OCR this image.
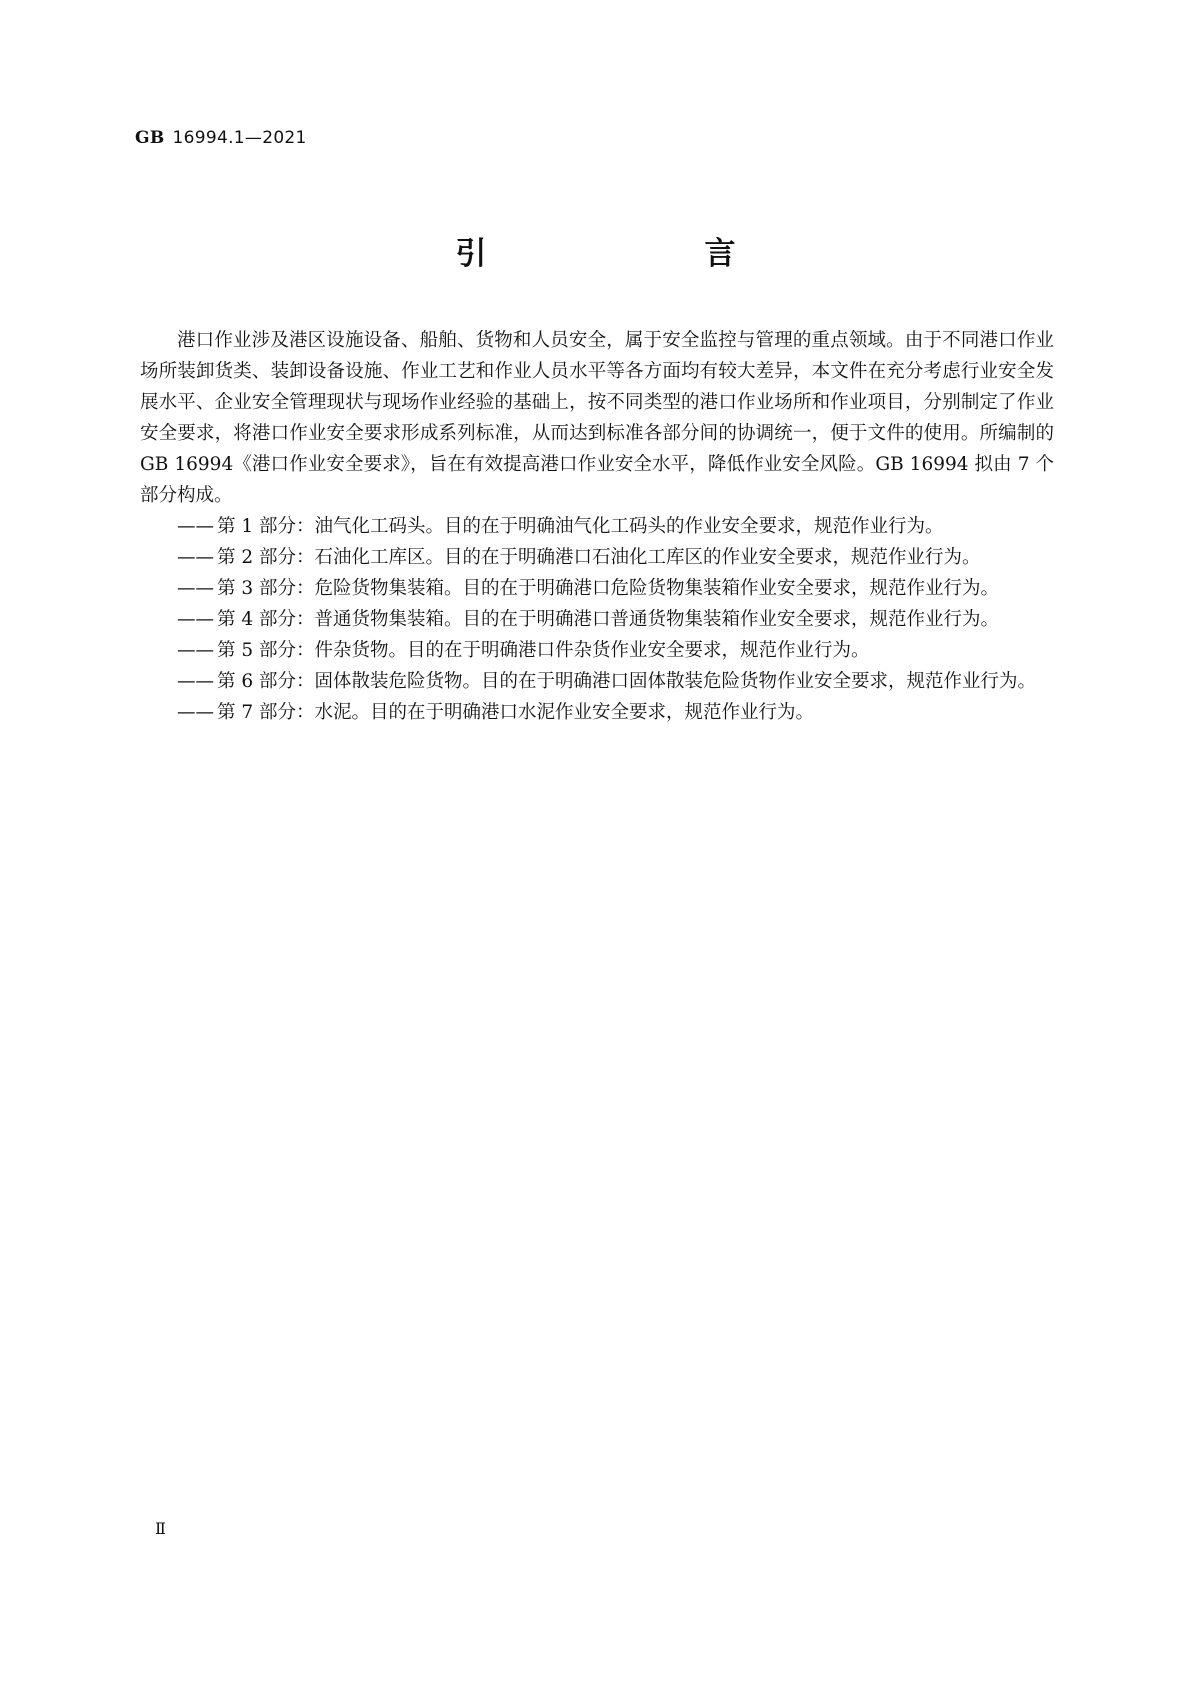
GB 16994.1—2021
引　　言

港口作业涉及港区设施设备、船舶、货物和人员安全，属于安全监控与管理的重点领域。由于不同港口作业场所装卸货类、装卸设备设施、作业工艺和作业人员水平等各方面均有较大差异，本文件在充分考虑行业安全发展水平、企业安全管理现状与现场作业经验的基础上，按不同类型的港口作业场所和作业项目，分别制定了作业安全要求，将港口作业安全要求形成系列标准，从而达到标准各部分间的协调统一，便于文件的使用。所编制的 GB 16994《港口作业安全要求》，旨在有效提高港口作业安全水平，降低作业安全风险。GB 16994 拟由 7 个部分构成。

—— 第 1 部分：油气化工码头。目的在于明确油气化工码头的作业安全要求，规范作业行为。
—— 第 2 部分：石油化工库区。目的在于明确港口石油化工库区的作业安全要求，规范作业行为。
—— 第 3 部分：危险货物集装箱。目的在于明确港口危险货物集装箱作业安全要求，规范作业行为。
—— 第 4 部分：普通货物集装箱。目的在于明确港口普通货物集装箱作业安全要求，规范作业行为。
—— 第 5 部分：件杂货物。目的在于明确港口件杂货作业安全要求，规范作业行为。
—— 第 6 部分：固体散装危险货物。目的在于明确港口固体散装危险货物作业安全要求，规范作业行为。
—— 第 7 部分：水泥。目的在于明确港口水泥作业安全要求，规范作业行为。
Ⅱ
